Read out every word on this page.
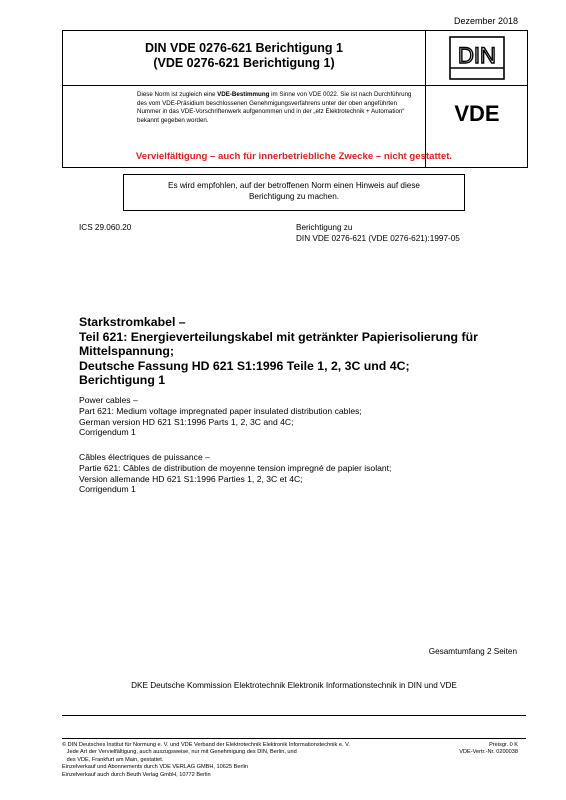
Dezember 2018
DIN VDE 0276-621 Berichtigung 1
(VDE 0276-621 Berichtigung 1)	DIN
Diese Norm ist zugleich eine VDE-Bestimmung im Sinne von VDE 0022. Sie ist nach Durchführung des vom VDE-Präsidium beschlossenen Genehmigungsverfahrens unter der oben angeführten Nummer in das VDE-Vorschriftenwerk aufgenommen und in der „etz Elektrotechnik + Automation“ bekannt gegeben worden.	VDE
Vervielfältigung – auch für innerbetriebliche Zwecke – nicht gestattet.
Es wird empfohlen, auf der betroffenen Norm einen Hinweis auf diese
Berichtigung zu machen.
ICS 29.060.20	Berichtigung zu
DIN VDE 0276-621 (VDE 0276-621):1997-05
Starkstromkabel –
Teil 621: Energieverteilungskabel mit getränkter Papierisolierung für
Mittelspannung;
Deutsche Fassung HD 621 S1:1996 Teile 1, 2, 3C und 4C;
Berichtigung 1
Power cables –
Part 621: Medium voltage impregnated paper insulated distribution cables;
German version HD 621 S1:1996 Parts 1, 2, 3C and 4C;
Corrigendum 1
Câbles électriques de puissance –
Partie 621: Câbles de distribution de moyenne tension impregné de papier isolant;
Version allemande HD 621 S1:1996 Parties 1, 2, 3C et 4C;
Corrigendum 1
Gesamtumfang 2 Seiten
DKE Deutsche Kommission Elektrotechnik Elektronik Informationstechnik in DIN und VDE
© DIN Deutsches Institut für Normung e. V. und VDE Verband der Elektrotechnik Elektronik Informationstechnik e. V.
Jede Art der Vervielfältigung, auch auszugsweise, nur mit Genehmigung des DIN, Berlin, und
des VDE, Frankfurt am Main, gestattet.
Einzelverkauf und Abonnements durch VDE VERLAG GMBH, 10625 Berlin
Einzelverkauf auch durch Beuth Verlag GmbH, 10772 Berlin
Preisgr. 0 K
VDE-Vertr.-Nr. 0200038
